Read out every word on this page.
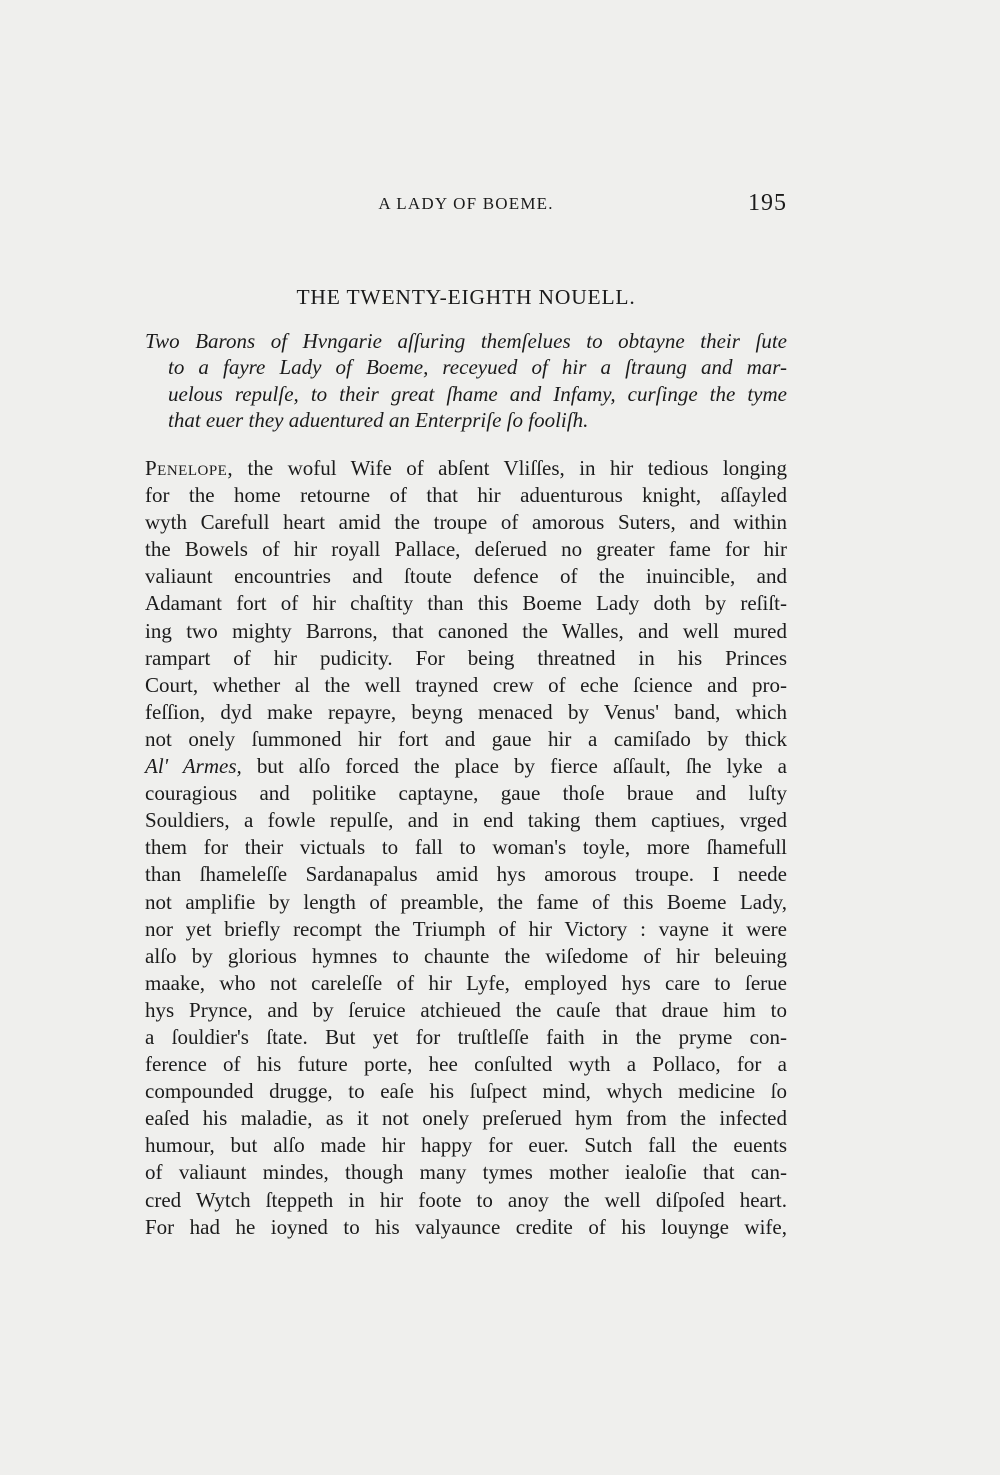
A LADY OF BOEME.	195
THE TWENTY-EIGHTH NOUELL.
Two Barons of Hvngarie aſſuring themſelues to obtayne their ſute
to a fayre Lady of Boeme, receyued of hir a ſtraung and mar-
uelous repulſe, to their great ſhame and Infamy, curſinge the tyme
that euer they aduentured an Enterpriſe ſo fooliſh.
Penelope, the woful Wife of abſent Vliſſes, in hir tedious longing
for the home retourne of that hir aduenturous knight, aſſayled
wyth Carefull heart amid the troupe of amorous Suters, and within
the Bowels of hir royall Pallace, deſerued no greater fame for hir
valiaunt encountries and ſtoute defence of the inuincible, and
Adamant fort of hir chaſtity than this Boeme Lady doth by reſiſt-
ing two mighty Barrons, that canoned the Walles, and well mured
rampart of hir pudicity. For being threatned in his Princes
Court, whether al the well trayned crew of eche ſcience and pro-
feſſion, dyd make repayre, beyng menaced by Venus' band, which
not onely ſummoned hir fort and gaue hir a camiſado by thick
Al' Armes, but alſo forced the place by fierce aſſault, ſhe lyke a
couragious and politike captayne, gaue thoſe braue and luſty
Souldiers, a fowle repulſe, and in end taking them captiues, vrged
them for their victuals to fall to woman's toyle, more ſhamefull
than ſhameleſſe Sardanapalus amid hys amorous troupe. I neede
not amplifie by length of preamble, the fame of this Boeme Lady,
nor yet briefly recompt the Triumph of hir Victory : vayne it were
alſo by glorious hymnes to chaunte the wiſedome of hir beleuing
maake, who not careleſſe of hir Lyfe, employed hys care to ſerue
hys Prynce, and by ſeruice atchieued the cauſe that draue him to
a ſouldier's ſtate. But yet for truſtleſſe faith in the pryme con-
ference of his future porte, hee conſulted wyth a Pollaco, for a
compounded drugge, to eaſe his ſuſpect mind, whych medicine ſo
eaſed his maladie, as it not onely preſerued hym from the infected
humour, but alſo made hir happy for euer. Sutch fall the euents
of valiaunt mindes, though many tymes mother iealoſie that can-
cred Wytch ſteppeth in hir foote to anoy the well diſpoſed heart.
For had he ioyned to his valyaunce credite of his louynge wife,
